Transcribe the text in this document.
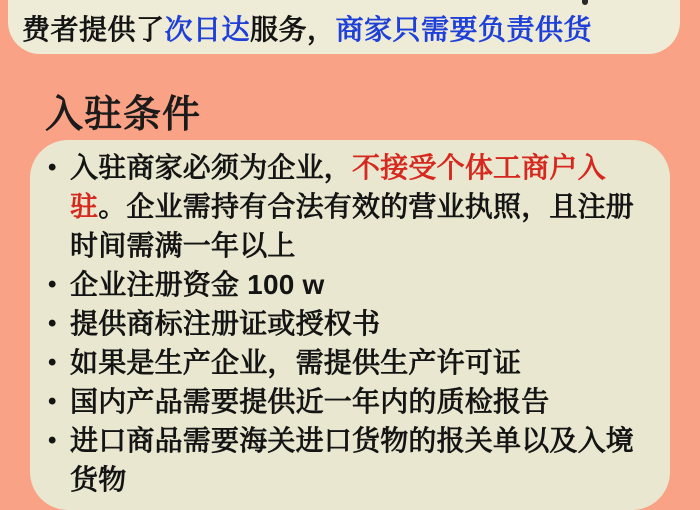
费者提供了次日达服务，商家只需要负责供货
入驻条件
• 入驻商家必须为企业，不接受个体工商户入驻。企业需持有合法有效的营业执照，且注册时间需满一年以上
• 企业注册资金 100 w
• 提供商标注册证或授权书
• 如果是生产企业，需提供生产许可证
• 国内产品需要提供近一年内的质检报告
• 进口商品需要海关进口货物的报关单以及入境货物
